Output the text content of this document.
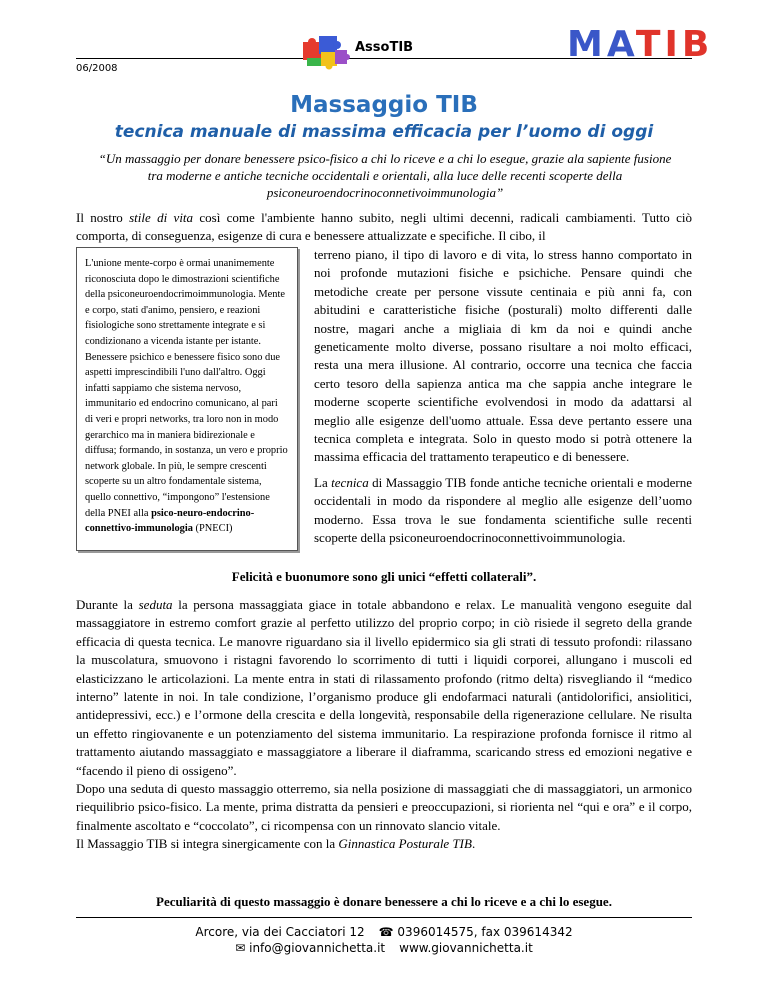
06/2008
AssoTIB	MATIB
Massaggio TIB
tecnica manuale di massima efficacia per l’uomo di oggi
“Un massaggio per donare benessere psico-fisico a chi lo riceve e a chi lo esegue, grazie ala sapiente fusione tra moderne e antiche tecniche occidentali e orientali, alla luce delle recenti scoperte della psiconeuroendocrinoconnetivoimmunologia”
Il nostro stile di vita così come l'ambiente hanno subito, negli ultimi decenni, radicali cambiamenti. Tutto ciò comporta, di conseguenza, esigenze di cura e benessere attualizzate e specifiche. Il cibo, il
L'unione mente-corpo è ormai unanimemente riconosciuta dopo le dimostrazioni scientifiche della psiconeuroendocrimoimmunologia. Mente e corpo, stati d'animo, pensiero, e reazioni fisiologiche sono strettamente integrate e si condizionano a vicenda istante per istante. Benessere psichico e benessere fisico sono due aspetti imprescindibili l'uno dall'altro. Oggi infatti sappiamo che sistema nervoso, immunitario ed endocrino comunicano, al pari di veri e propri networks, tra loro non in modo gerarchico ma in maniera bidirezionale e diffusa; formando, in sostanza, un vero e proprio network globale. In più, le sempre crescenti scoperte su un altro fondamentale sistema, quello connettivo, “impongono” l'estensione della PNEI alla psico-neuro-endocrino-connettivo-immunologia (PNECI)
terreno piano, il tipo di lavoro e di vita, lo stress hanno comportato in noi profonde mutazioni fisiche e psichiche. Pensare quindi che metodiche create per persone vissute centinaia e più anni fa, con abitudini e caratteristiche fisiche (posturali) molto differenti dalle nostre, magari anche a migliaia di km da noi e quindi anche geneticamente molto diverse, possano risultare a noi molto efficaci, resta una mera illusione. Al contrario, occorre una tecnica che faccia certo tesoro della sapienza antica ma che sappia anche integrare le moderne scoperte scientifiche evolvendosi in modo da adattarsi al meglio alle esigenze dell'uomo attuale. Essa deve pertanto essere una tecnica completa e integrata. Solo in questo modo si potrà ottenere la massima efficacia del trattamento terapeutico e di benessere.
La tecnica di Massaggio TIB fonde antiche tecniche orientali e moderne occidentali in modo da rispondere al meglio alle esigenze dell’uomo moderno. Essa trova le sue fondamenta scientifiche sulle recenti scoperte della psiconeuroendocrinoconnettivoimmunologia.
Felicità e buonumore sono gli unici “effetti collaterali”.

Durante la seduta la persona massaggiata giace in totale abbandono e relax. Le manualità vengono eseguite dal massaggiatore in estremo comfort grazie al perfetto utilizzo del proprio corpo; in ciò risiede il segreto della grande efficacia di questa tecnica. Le manovre riguardano sia il livello epidermico sia gli strati di tessuto profondi: rilassano la muscolatura, smuovono i ristagni favorendo lo scorrimento di tutti i liquidi corporei, allungano i muscoli ed elasticizzano le articolazioni. La mente entra in stati di rilassamento profondo (ritmo delta) risvegliando il “medico interno” latente in noi. In tale condizione, l’organismo produce gli endofarmaci naturali (antidolorifici, ansiolitici, antidepressivi, ecc.) e l’ormone della crescita e della longevità, responsabile della rigenerazione cellulare. Ne risulta un effetto ringiovanente e un potenziamento del sistema immunitario. La respirazione profonda fornisce il ritmo al trattamento aiutando massaggiato e massaggiatore a liberare il diaframma, scaricando stress ed emozioni negative e “facendo il pieno di ossigeno”.

Dopo una seduta di questo massaggio otterremo, sia nella posizione di massaggiati che di massaggiatori, un armonico riequilibrio psico-fisico. La mente, prima distratta da pensieri e preoccupazioni, si riorienta nel “qui e ora” e il corpo, finalmente ascoltato e “coccolato”, ci ricompensa con un rinnovato slancio vitale.

Il Massaggio TIB si integra sinergicamente con la Ginnastica Posturale TIB.

Peculiarità di questo massaggio è donare benessere a chi lo riceve e a chi lo esegue.
Arcore, via dei Cacciatori 12 ☎ 0396014575, fax 039614342
✉ info@giovannichetta.it www.giovannichetta.it
